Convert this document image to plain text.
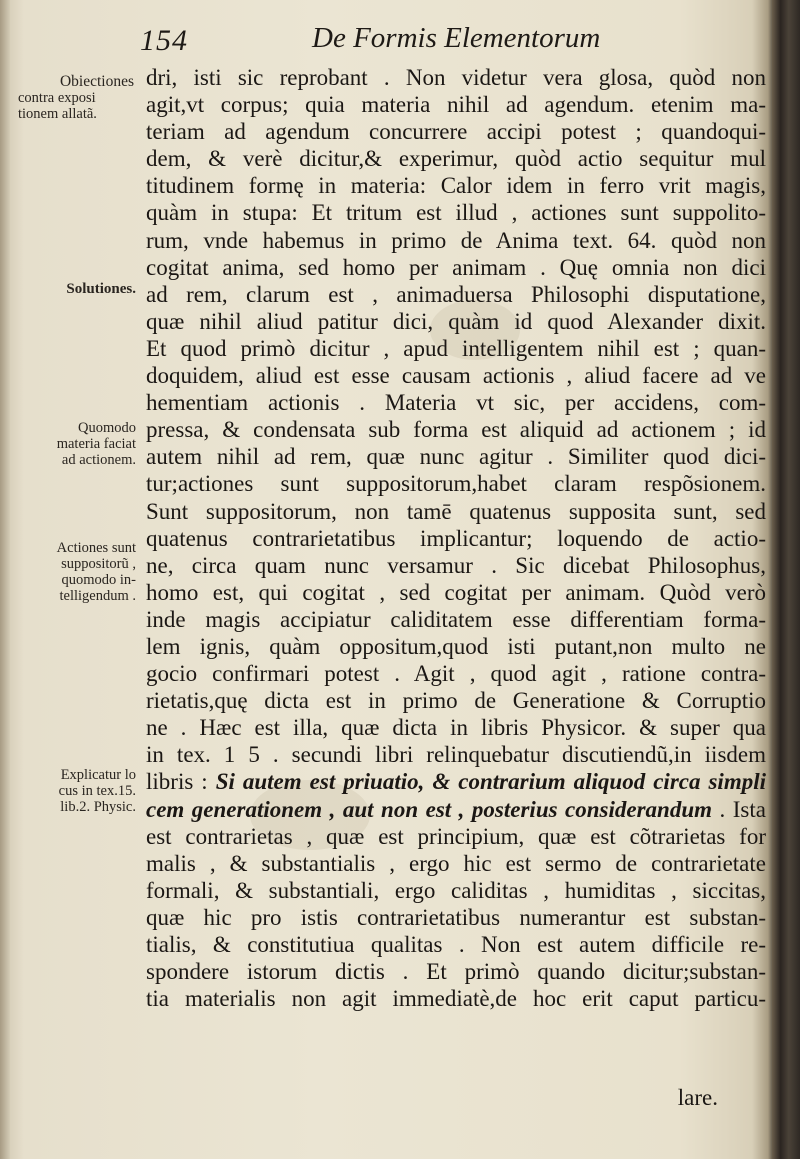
154	De Formis Elementorum
Obiectiones
contra exposi
tionem allatã.
Solutiones.
Quomodo
materia faciat
ad actionem.
Actiones sunt
suppositorũ ,
quomodo in-
telligendum .
Explicatur lo
cus in tex.15.
lib.2. Physic.
dri, isti sic reprobant . Non videtur vera glosa, quòd non
agit,vt corpus; quia materia nihil ad agendum. etenim ma-
teriam ad agendum concurrere accipi potest ; quandoqui-
dem, & verè dicitur,& experimur, quòd actio sequitur mul
titudinem formę in materia: Calor idem in ferro vrit magis,
quàm in stupa: Et tritum est illud , actiones sunt suppolito-
rum, vnde habemus in primo de Anima text. 64. quòd non
cogitat anima, sed homo per animam . Quę omnia non dici
ad rem, clarum est , animaduersa Philosophi disputatione,
quæ nihil aliud patitur dici, quàm id quod Alexander dixit.
Et quod primò dicitur , apud intelligentem nihil est ; quan-
doquidem, aliud est esse causam actionis , aliud facere ad ve
hementiam actionis . Materia vt sic, per accidens, com-
pressa, & condensata sub forma est aliquid ad actionem ; id
autem nihil ad rem, quæ nunc agitur . Similiter quod dici-
tur;actiones sunt suppositorum,habet claram respõsionem.
Sunt suppositorum, non tamē quatenus supposita sunt, sed
quatenus contrarietatibus implicantur; loquendo de actio-
ne, circa quam nunc versamur . Sic dicebat Philosophus,
homo est, qui cogitat , sed cogitat per animam. Quòd verò
inde magis accipiatur caliditatem esse differentiam forma-
lem ignis, quàm oppositum,quod isti putant,non multo ne
gocio confirmari potest . Agit , quod agit , ratione contra-
rietatis,quę dicta est in primo de Generatione & Corruptio
ne . Hæc est illa, quæ dicta in libris Physicor. & super qua
in tex. 1 5 . secundi libri relinquebatur discutiendũ,in iisdem
libris : Si autem est priuatio, & contrarium aliquod circa simpli
cem generationem , aut non est , posterius considerandum . Ista
est contrarietas , quæ est principium, quæ est cõtrarietas for
malis , & substantialis , ergo hic est sermo de contrarietate
formali, & substantiali, ergo caliditas , humiditas , siccitas,
quæ hic pro istis contrarietatibus numerantur est substan-
tialis, & constitutiua qualitas . Non est autem difficile re-
spondere istorum dictis . Et primò quando dicitur;substan-
tia materialis non agit immediatè,de hoc erit caput particu-
lare.
